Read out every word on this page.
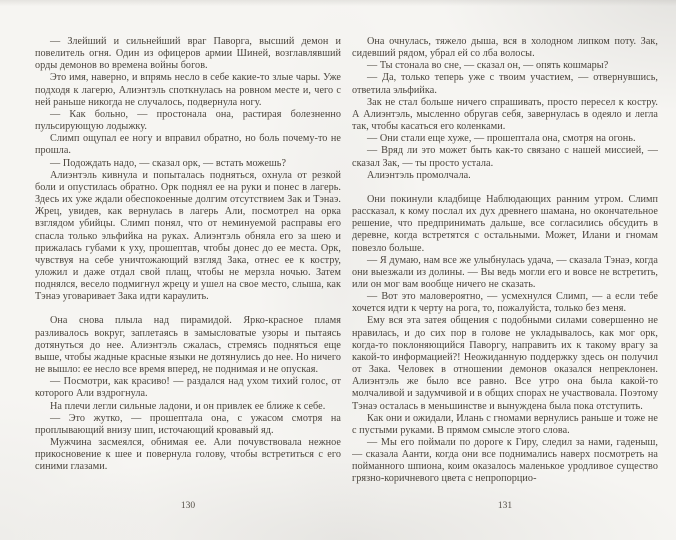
— Злейший и сильнейший враг Паворга, высший демон и повелитель огня. Один из офицеров армии Шиней, возглавлявший орды демонов во времена войны богов.

Это имя, наверно, и впрямь несло в себе какие-то злые чары. Уже подходя к лагерю, Алиэнтэль споткнулась на ровном месте и, чего с ней раньше никогда не случалось, подвернула ногу.

— Как больно, — простонала она, растирая болезненно пульсирующую лодыжку.

Слимп ощупал ее ногу и вправил обратно, но боль почему-то не прошла.

— Подождать надо, — сказал орк, — встать можешь?

Алиэнтэль кивнула и попыталась подняться, охнула от резкой боли и опустилась обратно. Орк поднял ее на руки и понес в лагерь. Здесь их уже ждали обеспокоенные долгим отсутствием Зак и Тэнаэ. Жрец, увидев, как вернулась в лагерь Али, посмотрел на орка взглядом убийцы. Слимп понял, что от неминуемой расправы его спасла только эльфийка на руках. Алиэнтэль обняла его за шею и прижалась губами к уху, прошептав, чтобы донес до ее места. Орк, чувствуя на себе уничтожающий взгляд Зака, отнес ее к костру, уложил и даже отдал свой плащ, чтобы не мерзла ночью. Затем поднялся, весело подмигнул жрецу и ушел на свое место, слыша, как Тэнаэ уговаривает Зака идти караулить.

Она снова плыла над пирамидой. Ярко-красное пламя разливалось вокруг, заплетаясь в замысловатые узоры и пытаясь дотянуться до нее. Алиэнтэль сжалась, стремясь подняться еще выше, чтобы жадные красные языки не дотянулись до нее. Но ничего не вышло: ее несло все время вперед, не поднимая и не опуская.

— Посмотри, как красиво! — раздался над ухом тихий голос, от которого Али вздрогнула.

На плечи легли сильные ладони, и он привлек ее ближе к себе.

— Это жутко, — прошептала она, с ужасом смотря на проплывающий внизу шип, источающий кровавый яд.

Мужчина засмеялся, обнимая ее. Али почувствовала нежное прикосновение к шее и повернула голову, чтобы встретиться с его синими глазами.

130

Она очнулась, тяжело дыша, вся в холодном липком поту. Зак, сидевший рядом, убрал ей со лба волосы.

— Ты стонала во сне, — сказал он, — опять кошмары?

— Да, только теперь уже с твоим участием, — отвернувшись, ответила эльфийка.

Зак не стал больше ничего спрашивать, просто пересел к костру. А Алиэнтэль, мысленно обругав себя, завернулась в одеяло и легла так, чтобы касаться его коленками.

— Они стали еще хуже, — прошептала она, смотря на огонь.

— Вряд ли это может быть как-то связано с нашей миссией, — сказал Зак, — ты просто устала.

Алиэнтэль промолчала.

Они покинули кладбище Наблюдающих ранним утром. Слимп рассказал, к кому послал их дух древнего шамана, но окончательное решение, что предпринимать дальше, все согласились обсудить в деревне, когда встретятся с остальными. Может, Илани и гномам повезло больше.

— Я думаю, нам все же улыбнулась удача, — сказала Тэнаэ, когда они выезжали из долины. — Вы ведь могли его и вовсе не встретить, или он мог вам вообще ничего не сказать.

— Вот это маловероятно, — усмехнулся Слимп, — а если тебе хочется идти к черту на рога, то, пожалуйста, только без меня.

Ему вся эта затея общения с подобными силами совершенно не нравилась, и до сих пор в голове не укладывалось, как мог орк, когда-то поклоняющийся Паворгу, направить их к такому врагу за какой-то информацией?! Неожиданную поддержку здесь он получил от Зака. Человек в отношении демонов оказался непреклонен. Алиэнтэль же было все равно. Все утро она была какой-то молчаливой и задумчивой и в общих спорах не участвовала. Поэтому Тэнаэ осталась в меньшинстве и вынуждена была пока отступить.

Как они и ожидали, Илань с гномами вернулись раньше и тоже не с пустыми руками. В прямом смысле этого слова.

— Мы его поймали по дороге к Гиру, следил за нами, гаденыш, — сказала Аанти, когда они все поднимались наверх посмотреть на пойманного шпиона, коим оказалось маленькое уродливое существо грязно-коричневого цвета с непропорцио-

131
